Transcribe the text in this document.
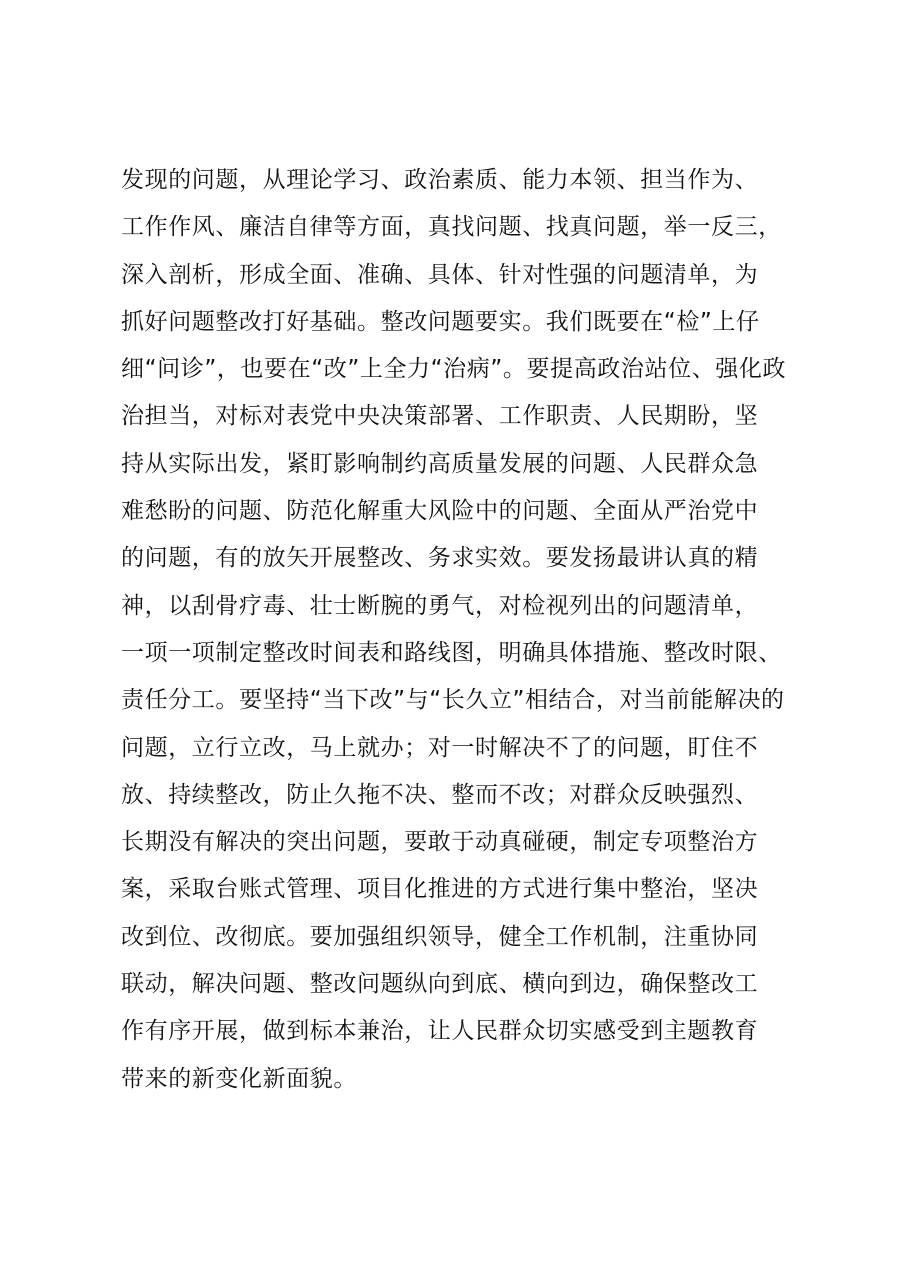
发现的问题，从理论学习、政治素质、能力本领、担当作为、
工作作风、廉洁自律等方面，真找问题、找真问题，举一反三，
深入剖析，形成全面、准确、具体、针对性强的问题清单，为
抓好问题整改打好基础。整改问题要实。我们既要在“检”上仔
细“问诊”，也要在“改”上全力“治病”。要提高政治站位、强化政
治担当，对标对表党中央决策部署、工作职责、人民期盼，坚
持从实际出发，紧盯影响制约高质量发展的问题、人民群众急
难愁盼的问题、防范化解重大风险中的问题、全面从严治党中
的问题，有的放矢开展整改、务求实效。要发扬最讲认真的精
神，以刮骨疗毒、壮士断腕的勇气，对检视列出的问题清单，
一项一项制定整改时间表和路线图，明确具体措施、整改时限、
责任分工。要坚持“当下改”与“长久立”相结合，对当前能解决的
问题，立行立改，马上就办；对一时解决不了的问题，盯住不
放、持续整改，防止久拖不决、整而不改；对群众反映强烈、
长期没有解决的突出问题，要敢于动真碰硬，制定专项整治方
案，采取台账式管理、项目化推进的方式进行集中整治，坚决
改到位、改彻底。要加强组织领导，健全工作机制，注重协同
联动，解决问题、整改问题纵向到底、横向到边，确保整改工
作有序开展，做到标本兼治，让人民群众切实感受到主题教育
带来的新变化新面貌。
